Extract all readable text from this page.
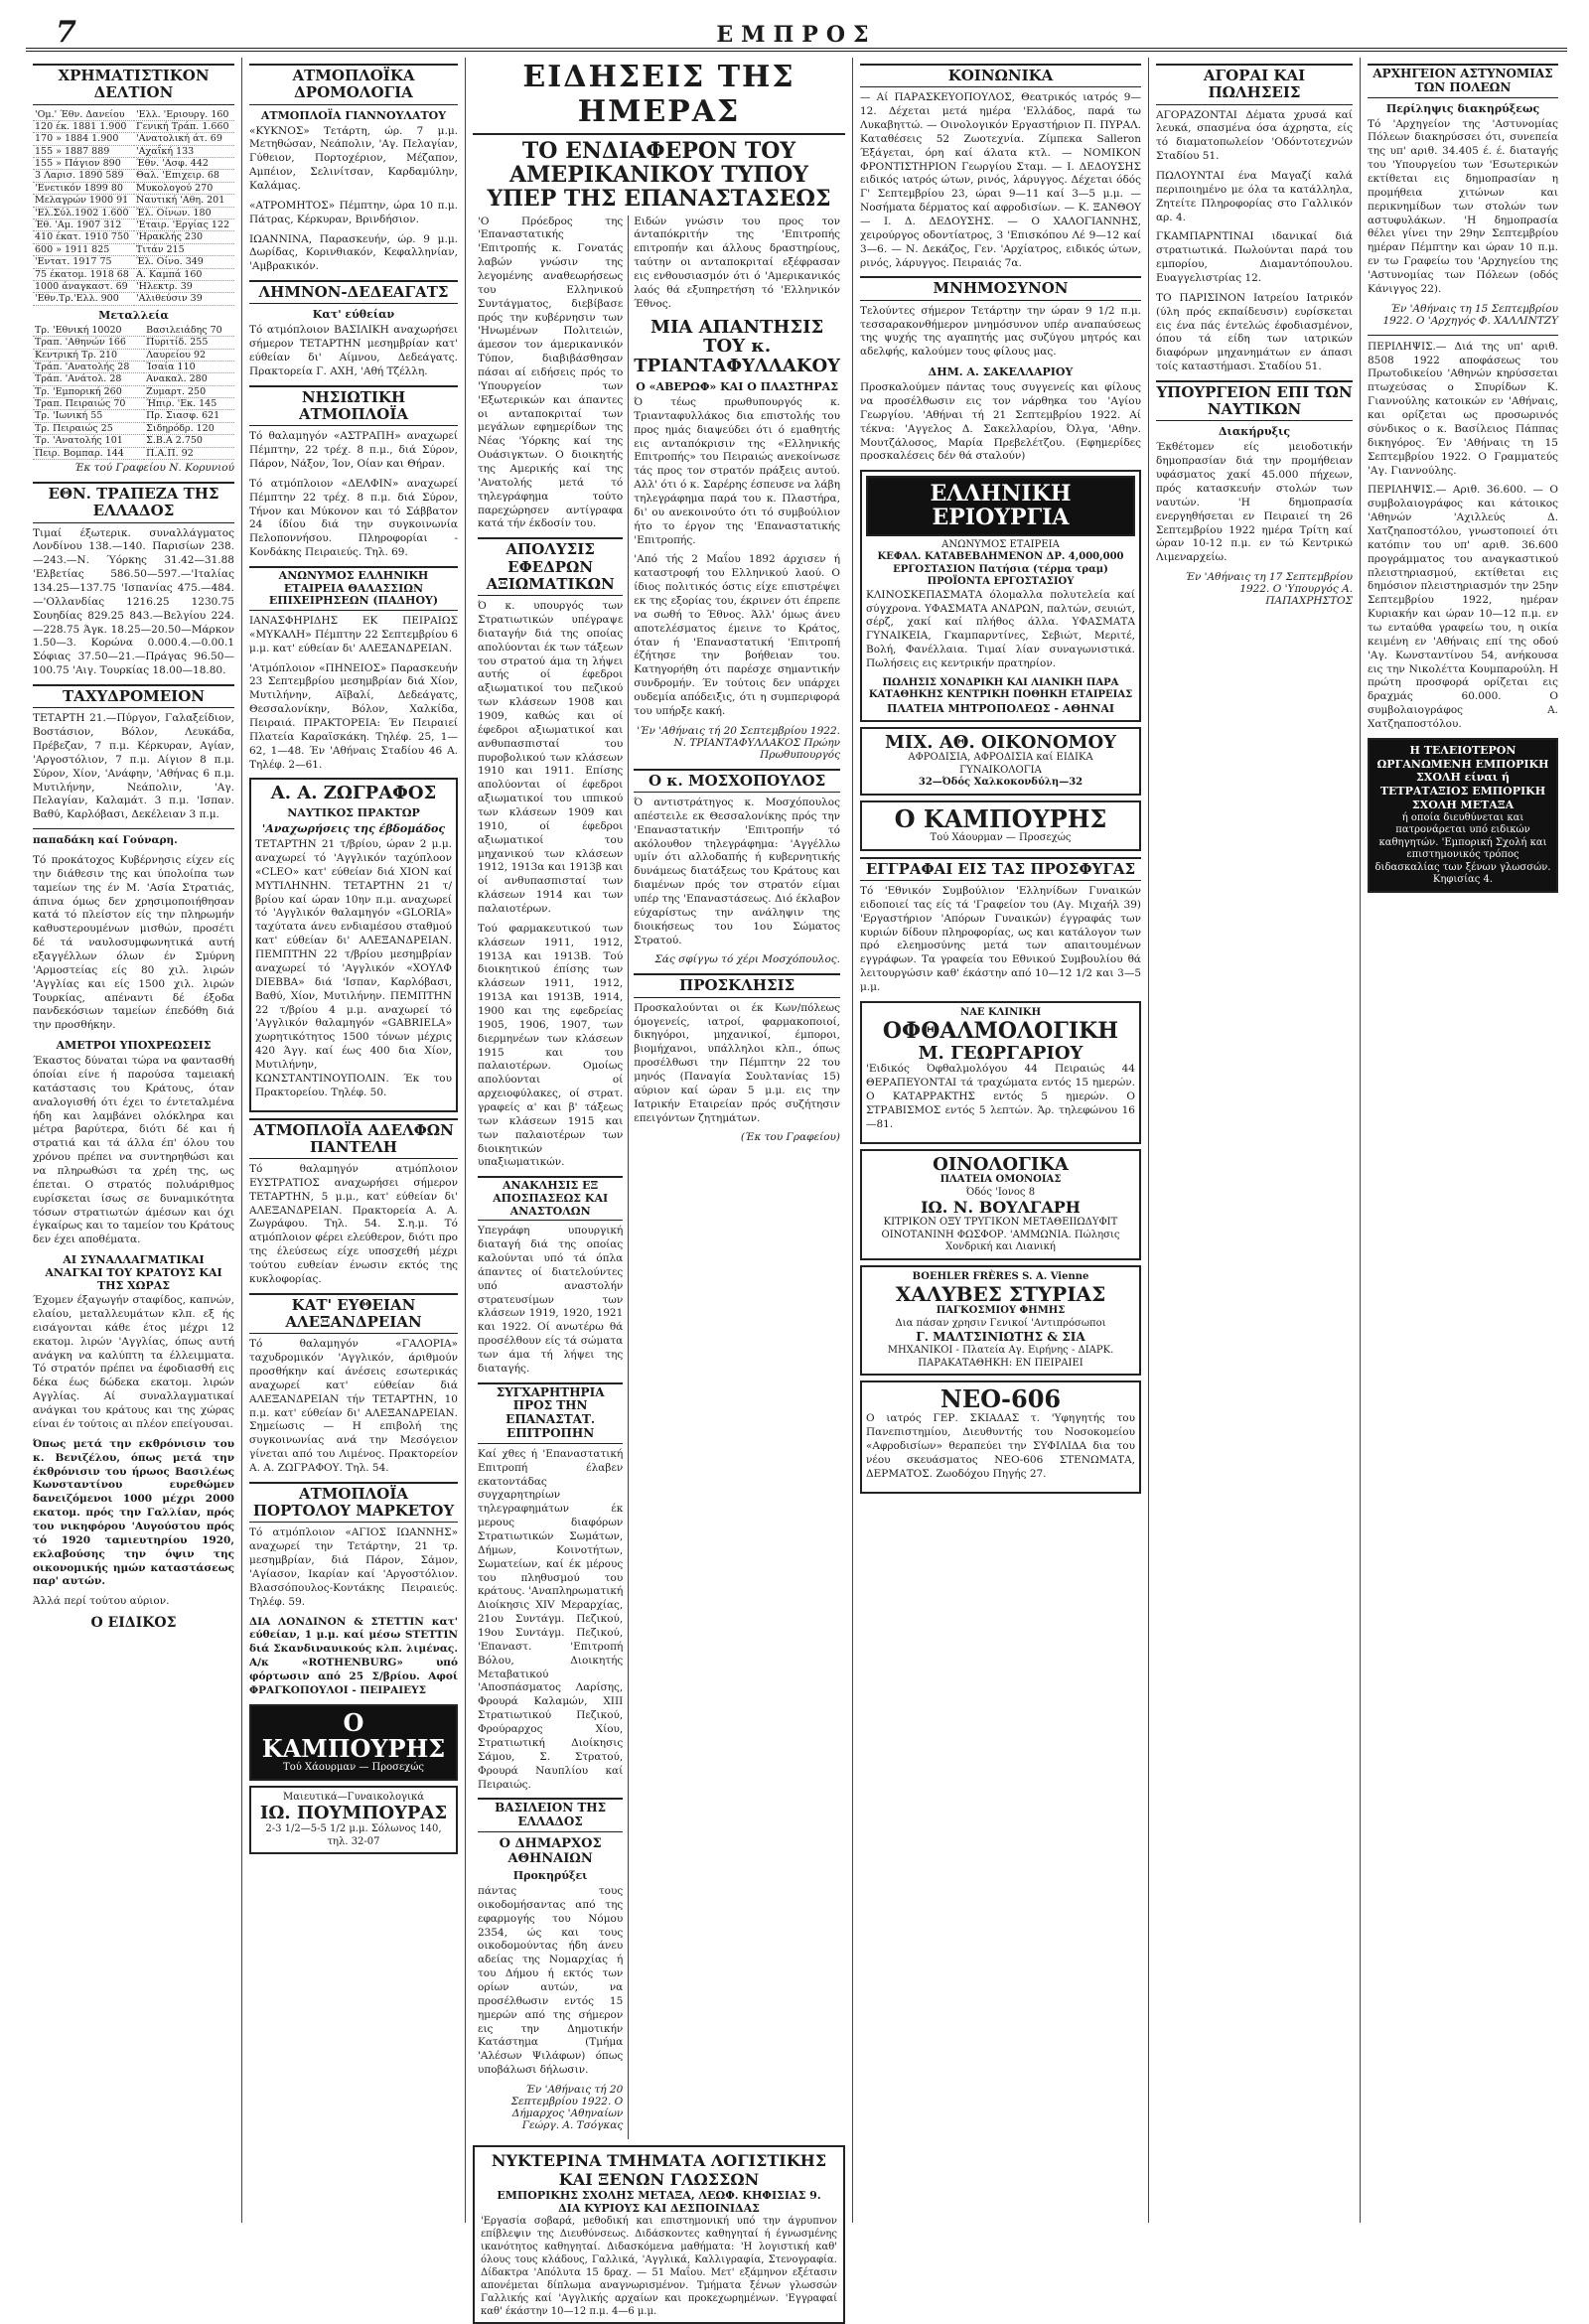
7	ΕΜΠΡΟΣ
ΧΡΗΜΑΤΙΣΤΙΚΟΝ ΔΕΛΤΙΟΝ
'Ομ.' Έθν. Δανείου	'Ελλ. 'Εριουργ. 160
120 έκ. 1881 1.900	Γενική Τράπ. 1.660
170 » 1884 1.900	'Ανατολική άτ. 69
155 » 1887 889	'Αχαΐκή 133
155 » Πάγιον 890	Έθν. 'Ασφ. 442
3 Λαρισ. 1890 589	Θαλ. 'Επιχειρ. 68
'Ενετικόν 1899 80	Μυκολογού 270
Μελαγρών 1900 91	Ναυτική 'Αθη. 201
'Ελ.Σύλ.1902 1.600	Έλ. Οίνων. 180
Έθ. 'Αμ. 1907 312	'Εταιρ. 'Εργίας 122
410 έκατ. 1910 750	'Ηρακλής 230
600 » 1911 825	Τιτάν 215
'Εντατ. 1917 75	Έλ. Οίνο. 349
75 έκατομ. 1918 68	Α. Καμπά 160
1000 άναγκαστ. 69	'Ηλεκτρ. 39
'Εθν.Τρ.'Ελλ. 900	'Αλιθεύσιν 39
Μεταλλεία
Τρ. 'Εθνική 10020	Βασιλειάδης 70
Τραπ. 'Αθηνών 166	Πυριτίδ. 255
Κεντρική Τρ. 210	Λαυρείου 92
Τράπ. 'Ανατολής 28	Ίσαία 110
Τράπ. 'Ανάτολ. 28	Ανακαλ. 280
Τρ. 'Εμπορική 260	Ζυμαρτ. 250
Τραπ. Πειραιώς 70	Ήπιρ. 'Εκ. 145
Τρ. 'Ιωνική 55	Πρ. Σιασφ. 621
Τρ. Πειραιώς 25	Σιδηρόδρ. 120
Τρ. 'Ανατολής 101	Σ.Β.Α 2.750
Πειρ. Βομπαρ. 144	Π.Α.Π. 92
Έκ τού Γραφείου Ν. Κορυνιού
ΕΘΝ. ΤΡΑΠΕΖΑ ΤΗΣ ΕΛΛΑΔΟΣ

Τιμαί έξωτερικ. συναλλάγματος Λονδίνου 138.—140. Παρισίων 238.—243.—Ν. Ύόρκης 31.42—31.88 'Ελβετίας 586.50—597.—'Ιταλίας 134.25—137.75 'Ισπανίας 475.—484.—'Ολλανδίας 1216.25 1230.75 Σουηδίας 829.25 843.—Βελγίου 224.—228.75 Άγκ. 18.25—20.50—Μάρκον 1.50—3. Κορώνα 0.000.4.—0.00.1 Σόφιας 37.50—21.—Πράγας 96.50—100.75 'Αιγ. Τουρκίας 18.00—18.80.

ΤΑΧΥΔΡΟΜΕΙΟΝ

ΤΕΤΑΡΤΗ 21.—Πύργον, Γαλαξείδιον, Βοστάσιον, Βόλον, Λευκάδα, Πρέβεζαν, 7 π.μ. Κέρκυραν, Αγίαν, 'Αργοστόλιον, 7 π.μ. Αίγιον 8 π.μ. Σύρον, Χίον, 'Ανάφην, 'Αθήνας 6 π.μ. Μυτιλήνην, Νεάπολιν, 'Αγ. Πελαγίαν, Καλαμάτ. 3 π.μ. 'Ισπαν. Βαθύ, Καρλόβασι, Δεκέλειαν 3 π.μ.

παπαδάκη καί Γούναρη.

Τό προκάτοχος Κυβέρνησις είχεν είς την διάθεσιν της και ύπολοίπα των ταμείων της έν Μ. 'Ασία Στρατιάς, άπινα όμως δεν χρησιμοποιήθησαν κατά τό πλείστον είς την πληρωμήν καθυστερουμένων μισθών, προσέτι δέ τά ναυλοσυμφωνητικά αυτή εξαγγέλλων όλων έν Σμύρνη 'Αρμοστείας είς 80 χιλ. λιρών 'Αγγλίας και είς 1500 χιλ. λιρών Τουρκίας, απέναντι δέ έξοδα πανδεκόσιων ταμείων έπεδόθη διά την προσθήκην.

ΑΜΕΤΡΟΙ ΥΠΟΧΡΕΩΣΕΙΣ

Έκαστος δύναται τώρα να φαντασθή όποίαι είνε ή παρούσα ταμειακή κατάστασις του Κράτους, όταν αναλογισθή ότι έχει το έντεταλμένα ήδη και λαμβάνει ολόκληρα και μέτρα βαρύτερα, διότι δέ και ή στρατιά και τά άλλα έπ' όλου του χρόνου πρέπει να συντηρηθώσι και να πληρωθώσι τα χρέη της, ως έπεται. Ο στρατός πολυάριθμος ευρίσκεται ίσως σε δυναμικότητα τόσων στρατιωτών άμέσων και όχι έγκαίρως και το ταμείον του Κράτους δεν έχει αποθέματα.

ΑΙ ΣΥΝΑΛΛΑΓΜΑΤΙΚΑΙ ΑΝΑΓΚΑΙ ΤΟΥ ΚΡΑΤΟΥΣ ΚΑΙ ΤΗΣ ΧΩΡΑΣ

Έχομεν έξαγωγήν σταφίδος, καπνών, ελαίου, μεταλλευμάτων κλπ. εξ ής εισάγονται κάθε έτος μέχρι 12 εκατομ. λιρών 'Αγγλίας, όπως αυτή ανάγκη να καλύπτη τα έλλειμματα. Τό στρατόν πρέπει να έφοδιασθή εις δέκα έως δώδεκα εκατομ. λιρών Αγγλίας. Αί συναλλαγματικαί ανάγκαι του κράτους και της χώρας είναι έν τούτοις αι πλέον επείγουσαι.

Όπως μετά την εκθρόνισιν του κ. Βενιζέλου, όπως μετά την έκθρόνισιν του ήρωος Βασιλέως Κωνσταντίνου ευρεθώμεν δανειζόμενοι 1000 μέχρι 2000 εκατομ. πρός την Γαλλίαν, πρός του νικηφόρου 'Αυγούστου πρός τό 1920 ταμιευτηρίου 1920, εκλαβούσης την όψιν της οικονομικής ημών καταστάσεως παρ' αυτών.

Άλλά περί τούτου αύριον.

Ο ΕΙΔΙΚΟΣ
ΑΤΜΟΠΛΟΪΚΑ ΔΡΟΜΟΛΟΓΙΑ
ΑΤΜΟΠΛΟΪΑ ΓΙΑΝΝΟΥΛΑΤΟΥ

«ΚΥΚΝΟΣ» Τετάρτη, ώρ. 7 μ.μ. Μετηθώσαν, Νεάπολιν, 'Αγ. Πελαγίαν, Γύθειον, Πορτοχέριον, Μέζαπον, Αμπέιον, Σελινίτσαν, Καρδαμύλην, Καλάμας.

«ΑΤΡΟΜΗΤΟΣ» Πέμπτην, ώρα 10 π.μ. Πάτρας, Κέρκυραν, Βρινδήσιον.

ΙΩΑΝΝΙΝΑ, Παρασκευήν, ώρ. 9 μ.μ. Δωρίδας, Κορινθιακόν, Κεφαλληνίαν, 'Αμβρακικόν.

ΛΗΜΝΟΝ-ΔΕΔΕΑΓΑΤΣ
Κατ' εύθείαν

Τό ατμόπλοιον ΒΑΣΙΛΙΚΗ αναχωρήσει σήμερον ΤΕΤΑΡΤΗΝ μεσημβρίαν κατ' εύθείαν δι' Αίμνου, Δεδεάγατς. Πρακτορεία Γ. ΑΧΗ, 'Αθή Τζέλλη.

ΝΗΣΙΩΤΙΚΗ ΑΤΜΟΠΛΟΪΑ

Τό θαλαμηγόν «ΑΣΤΡΑΠΗ» αναχωρεί Πέμπτην, 22 τρέχ. 8 π.μ., διά Σύρον, Πάρον, Νάξον, Ίον, Οίαν και Θήραν.

Τό ατμόπλοιον «ΔΕΛΦΙΝ» αναχωρεί Πέμπτην 22 τρέχ. 8 π.μ. διά Σύρον, Τήνον και Μύκονον και τό Σάββατον 24 ίδίου διά την συγκοινωνία Πελοποννήσου. Πληροφορίαι - Κονδάκης Πειραιεύς. Τηλ. 69.

ΑΝΩΝΥΜΟΣ ΕΛΛΗΝΙΚΗ ΕΤΑΙΡΕΙΑ ΘΑΛΑΣΣΙΩΝ ΕΠΙΧΕΙΡΗΣΕΩΝ (ΠΑΔΗΟΥ)

ΙΑΝΑΣΦΗΡΙΔΗΣ ΕΚ ΠΕΙΡΑΙΩΣ «ΜΥΚΑΛΗ» Πέμπτην 22 Σεπτεμβρίου 6 μ.μ. κατ' εύθείαν δι' ΑΛΕΞΑΝΔΡΕΙΑΝ.

'Ατμόπλοιον «ΠΗΝΕΙΟΣ» Παρασκευήν 23 Σεπτεμβρίου μεσημβρίαν διά Χίον, Μυτιλήνην, Αϊβαλί, Δεδεάγατς, Θεσσαλονίκην, Βόλον, Χαλκίδα, Πειραιά. ΠΡΑΚΤΟΡΕΙΑ: Έν Πειραιεί Πλατεία Καραϊσκάκη. Τηλέφ. 25, 1—62, 1—48. Έν 'Αθήναις Σταδίου 46 Α. Τηλέφ. 2—61.

Α. Α. ΖΩΓΡΑΦΟΣ
ΝΑΥΤΙΚΟΣ ΠΡΑΚΤΩΡ
'Αναχωρήσεις της έβδομάδος

ΤΕΤΑΡΤΗΝ 21 τ/βρίου, ώραν 2 μ.μ. αναχωρεί τό 'Αγγλικόν ταχύπλοον «CLEO» κατ' εύθείαν διά ΧΙΟΝ καί ΜΥΤΙΛΗΝΗΝ. ΤΕΤΑΡΤΗΝ 21 τ/βρίου καί ώραν 10ην π.μ. αναχωρεί τό 'Αγγλικόν θαλαμηγόν «GLORIA» ταχύτατα άνευ ενδιαμέσου σταθμού κατ' εύθείαν δι' ΑΛΕΞΑΝΔΡΕΙΑΝ. ΠΕΜΠΤΗΝ 22 τ/βρίου μεσημβρίαν αναχωρεί τό 'Αγγλικόν «ΧΟΥΛΦ DIEBBA» διά 'Ισπαν, Καρλόβασι, Βαθύ, Χίον, Μυτιλήνην. ΠΕΜΠΤΗΝ 22 τ/βρίου 4 μ.μ. αναχωρεί τό 'Αγγλικόν θαλαμηγόν «GABRIELA» χωρητικότητος 1500 τόνων μέχρις 420 Άγγ. καί έως 400 δια Χίον, Μυτιλήνην, ΚΩΝΣΤΑΝΤΙΝΟΥΠΟΛΙΝ. Έκ του Πρακτορείου. Τηλέφ. 50.

ΑΤΜΟΠΛΟΪΑ ΑΔΕΛΦΩΝ ΠΑΝΤΕΛΗ

Τό θαλαμηγόν ατμόπλοιον ΕΥΣΤΡΑΤΙΟΣ αναχωρήσει σήμερον ΤΕΤΑΡΤΗΝ, 5 μ.μ., κατ' εύθείαν δι' ΑΛΕΞΑΝΔΡΕΙΑΝ. Πρακτορεία Α. Α. Ζωγράφου. Τηλ. 54. Σ.η.μ. Τό ατμόπλοιον φέρει ελεύθερον, διότι προ της έλεύσεως είχε υποσχεθή μέχρι τούτου ευθείαν ένωσιν εκτός της κυκλοφορίας.

ΚΑΤ' ΕΥΘΕΙΑΝ ΑΛΕΞΑΝΔΡΕΙΑΝ

Τό θαλαμηγόν «ΓΑΛΟΡΙΑ» ταχυδρομικόν 'Αγγλικόν, άριθμούν προσθήκην καί άνέσεις εσωτερικάς αναχωρεί κατ' εύθείαν διά ΑΛΕΞΑΝΔΡΕΙΑΝ τήν ΤΕΤΑΡΤΗΝ, 10 π.μ. κατ' εύθείαν δι' ΑΛΕΞΑΝΔΡΕΙΑΝ. Σημείωσις — Η επιβολή της συγκοινωνίας ανά την Μεσόγειον γίνεται από του Λιμένος. Πρακτορείον Α. Α. ΖΩΓΡΑΦΟΥ. Τηλ. 54.

ΑΤΜΟΠΛΟΪΑ ΠΟΡΤΟΛΟΥ ΜΑΡΚΕΤΟΥ

Τό ατμόπλοιον «ΑΓΙΟΣ ΙΩΑΝΝΗΣ» αναχωρεί την Τετάρτην, 21 τρ. μεσημβρίαν, διά Πάρον, Σάμον, 'Αγίασον, Ικαρίαν καί 'Αργοστόλιον. Βλασσόπουλος-Κοντάκης Πειραιεύς. Τηλέφ. 59.

ΔΙΑ ΛΟΝΔΙΝΟΝ & ΣΤΕΤΤΙΝ κατ' εύθείαν, 1 μ.μ. καί μέσω STETTIN διά Σκανδιναυικούς κλπ. λιμένας. Α/κ «ROTHENBURG» υπό φόρτωσιν από 25 Σ/βρίου. Αφοί ΦΡΑΓΚΟΠΟΥΛΟΙ - ΠΕΙΡΑΙΕΥΣ

Ο ΚΑΜΠΟΥΡΗΣ
Τού Χάουρμαν — Προσεχώς
Μαιευτικά—Γυναικολογικά
ΙΩ. ΠΟΥΜΠΟΥΡΑΣ
2-3 1/2—5-5 1/2 μ.μ. Σόλωνος 140, τηλ. 32-07
ΕΙΔΗΣΕΙΣ ΤΗΣ ΗΜΕΡΑΣ
ΤΟ ΕΝΔΙΑΦΕΡΟΝ ΤΟΥ ΑΜΕΡΙΚΑΝΙΚΟΥ ΤΥΠΟΥ ΥΠΕΡ ΤΗΣ ΕΠΑΝΑΣΤΑΣΕΩΣ

'Ο Πρόεδρος της 'Επαναστατικής 'Επιτροπής κ. Γονατάς λαβών γνώσιν της λεγομένης αναθεωρήσεως του Ελληνικού Συντάγματος, διεβίβασε πρός την κυβέρνησιν των 'Ηνωμένων Πολιτειών, άμεσον τον άμερικανικόν Τύπον, διαβιβάσθησαν πάσαι αί ειδήσεις πρός το 'Υπουργείον των 'Εξωτερικών και άπαντες οι ανταποκριταί των μεγάλων εφημερίδων της Νέας 'Υόρκης καί της Ουάσιγκτων. Ο διοικητής της Αμερικής καί της 'Ανατολής μετά τό τηλεγράφημα τούτο παρεχώρησεν αντίγραφα κατά τήν έκδοσίν του.

ΑΠΟΛΥΣΙΣ ΕΦΕΔΡΩΝ ΑΞΙΩΜΑΤΙΚΩΝ

Ό κ. υπουργός των Στρατιωτικών υπέγραψε διαταγήν διά της οποίας απολύονται έκ των τάξεων του στρατού άμα τη λήψει αυτής οί έφεδροι αξιωματικοί του πεζικού των κλάσεων 1908 και 1909, καθώς και οί έφεδροι αξιωματικοί και ανθυπασπισταί του πυροβολικού των κλάσεων 1910 και 1911. Επίσης απολύονται οί έφεδροι αξιωματικοί του ιππικού των κλάσεων 1909 και 1910, οί έφεδροι αξιωματικοί του μηχανικού των κλάσεων 1912, 1913α και 1913β και οί ανθυπασπισταί των κλάσεων 1914 και των παλαιοτέρων.

Τού φαρμακευτικού των κλάσεων 1911, 1912, 1913Α και 1913Β. Τού διοικητικού έπίσης των κλάσεων 1911, 1912, 1913Α και 1913Β, 1914, 1900 και της εφεδρείας 1905, 1906, 1907, των διερμηνέων των κλάσεων 1915 και του παλαιοτέρων. Ομοίως απολύονται οί αρχειοφύλακες, οί στρατ. γραφείς α' και β' τάξεως των κλάσεων 1915 και των παλαιοτέρων των διοικητικών υπαξιωματικών.

ΑΝΑΚΛΗΣΙΣ ΕΞ ΑΠΟΣΠΑΣΕΩΣ ΚΑΙ ΑΝΑΣΤΟΛΩΝ

Υπεγράφη υπουργική διαταγή διά της οποίας καλούνται υπό τά όπλα άπαντες οί διατελούντες υπό αναστολήν στρατευσίμων των κλάσεων 1919, 1920, 1921 και 1922. Οί ανωτέρω θά προσέλθουν είς τά σώματα των άμα τή λήψει της διαταγής.

ΣΥΓΧΑΡΗΤΗΡΙΑ ΠΡΟΣ ΤΗΝ ΕΠΑΝΑΣΤΑΤ. ΕΠΙΤΡΟΠΗΝ

Καί χθες ή 'Επαναστατική Επιτροπή έλαβεν εκατοντάδας συγχαρητηρίων τηλεγραφημάτων έκ μερους διαφόρων Στρατιωτικών Σωμάτων, Δήμων, Κοινοτήτων, Σωματείων, καί έκ μέρους του πληθυσμού του κράτους. 'Αναπληρωματική Διοίκησις XIV Μεραρχίας, 21ου Συντάγμ. Πεζικού, 19ου Συντάγμ. Πεζικού, 'Επαναστ. 'Επιτροπή Βόλου, Διοικητής Μεταβατικού 'Αποσπάσματος Λαρίσης, Φρουρά Καλαμών, XIII Στρατιωτικού Πεζικού, Φρούραρχος Χίου, Στρατιωτική Διοίκησις Σάμου, Σ. Στρατού, Φρουρά Ναυπλίου καί Πειραιώς.

ΒΑΣΙΛΕΙΟΝ ΤΗΣ ΕΛΛΑΔΟΣ
Ο ΔΗΜΑΡΧΟΣ ΑΘΗΝΑΙΩΝ
Προκηρύξει

πάντας τους οικοδομήσαντας από της εφαρμογής του Νόμου 2354, ώς και τους οικοδομούντας ήδη άνευ αδείας της Νομαρχίας ή του Δήμου ή εκτός των ορίων αυτών, να προσέλθωσιν εντός 15 ημερών από της σήμερον εις την Δημοτικήν Κατάστημα (Τμήμα 'Αλέσων Ψιλάφων) όπως υποβάλωσι δήλωσιν.

Έν 'Αθήναις τή 20 Σεπτεμβρίου 1922. Ο Δήμαρχος 'Αθηναίων Γεώργ. Α. Τσόγκας

Ειδών γνώσιν του προς τον άνταπόκριτήν της 'Επιτροπής επιτροπήν και άλλους δραστηρίους, ταύτην οι ανταποκριταί εξέφρασαν εις ενθουσιασμόν ότι ό 'Αμερικανικός λαός θά εξυπηρετήση τό 'Ελληνικόν Έθνος.

ΜΙΑ ΑΠΑΝΤΗΣΙΣ ΤΟΥ κ. ΤΡΙΑΝΤΑΦΥΛΛΑΚΟΥ
Ο «ΑΒΕΡΩΦ» ΚΑΙ Ο ΠΛΑΣΤΗΡΑΣ

Ό τέως πρωθυπουργός κ. Τριανταφυλλάκος δια επιστολής του προς ημάς διαψεύδει ότι ό εμαθητής εις ανταπόκρισιν της «Ελληνικής Επιτροπής» του Πειραιώς ανεκοίνωσε τάς προς τον στρατόν πράξεις αυτού. Αλλ' ότι ό κ. Σαρέρης έσπευσε να λάβη τηλεγράφημα παρά του κ. Πλαστήρα, δι' ου ανεκοινούτο ότι τό συμβούλιον ήτο το έργον της 'Επαναστατικής 'Επιτροπής.

'Από τής 2 Μαΐου 1892 άρχισεν ή καταστροφή του Ελληνικού λαού. Ο ίδιος πολιτικός όστις είχε επιστρέψει εκ της εξορίας του, έκρινεν ότι έπρεπε να σωθή το Έθνος. Άλλ' όμως άνευ αποτελέσματος έμεινε το Κράτος, όταν ή 'Επαναστατική 'Επιτροπή έζήτησε την βοήθειαν του. Κατηγορήθη ότι παρέσχε σημαντικήν συνδρομήν. Έν τούτοις δεν υπάρχει ουδεμία απόδειξις, ότι η συμπεριφορά του υπήρξε κακή.

'Έν 'Αθήναις τή 20 Σεπτεμβρίου 1922. Ν. ΤΡΙΑΝΤΑΦΥΛΛΑΚΟΣ Πρώην Πρωθυπουργός
Ο κ. ΜΟΣΧΟΠΟΥΛΟΣ

Ό αντιστράτηγος κ. Μοσχόπουλος απέστειλε εκ Θεσσαλονίκης πρός την 'Επαναστατικήν 'Επιτροπήν τό ακόλουθον τηλεγράφημα: 'Αγγέλλω υμίν ότι αλλοδαπής ή κυβερνητικής δυνάμεως διατάξεως του Κράτους και διαμένων πρός τον στρατόν είμαι υπέρ της 'Επαναστάσεως. Διό έκλαβον εύχαρίστως την ανάληψιν της διοικήσεως του 1ου Σώματος Στρατού.

Σάς σφίγγω τό χέρι Μοσχόπουλος.
ΠΡΟΣΚΛΗΣΙΣ

Προσκαλούνται οι έκ Κων/πόλεως όμογενείς, ιατροί, φαρμακοποιοί, δικηγόροι, μηχανικοί, έμποροι, βιομήχανοι, υπάλληλοι κλπ., όπως προσέλθωσι την Πέμπτην 22 του μηνός (Παναγία Σουλτανίας 15) αύριον καί ώραν 5 μ.μ. εις την Ιατρικήν Εταιρείαν πρός συζήτησιν επειγόντων ζητημάτων.

(Έκ του Γραφείου)
ΝΥΚΤΕΡΙΝΑ ΤΜΗΜΑΤΑ ΛΟΓΙΣΤΙΚΗΣ ΚΑΙ ΞΕΝΩΝ ΓΛΩΣΣΩΝ
ΕΜΠΟΡΙΚΗΣ ΣΧΟΛΗΣ ΜΕΤΑΞΑ, ΛΕΩΦ. ΚΗΦΙΣΙΑΣ 9.
ΔΙΑ ΚΥΡΙΟΥΣ ΚΑΙ ΔΕΣΠΟΙΝΙΔΑΣ
'Εργασία σοβαρά, μεθοδική και επιστημονική υπό την άγρυπνον επίβλεψιν της Διευθύνσεως. Διδάσκοντες καθηγηταί ή έγνωσμένης ικανότητος καθηγηταί. Διδασκόμενα μαθήματα: 'Η λογιστική καθ' όλους τους κλάδους, Γαλλικά, 'Αγγλικά, Καλλιγραφία, Στενογραφία. Δίδακτρα 'Απόλυτα 15 δραχ. — 51 Μαΐου. Μετ' εξάμηνον εξέτασιν απονέμεται δίπλωμα αναγνωρισμένον. Τμήματα ξένων γλωσσών Γαλλικής καί 'Αγγλικής αρχαίων και προκεχωρημένων. 'Εγγραφαί καθ' έκάστην 10—12 π.μ. 4—6 μ.μ.
ΚΟΙΝΩΝΙΚΑ

— Αί ΠΑΡΑΣΚΕΥΟΠΟΥΛΟΣ, Θεατρικός ιατρός 9—12. Δέχεται μετά ημέρα 'Ελλάδος, παρά τω Λυκαβηττώ. — Οινολογικόν Εργαστήριον Π. ΠΥΡΑΛ. Καταθέσεις 52 Ζωοτεχνία. Ζίμπεκα Salleron Έξάγεται, όρη καί άλατα κτλ. — ΝΟΜΙΚΟΝ ΦΡΟΝΤΙΣΤΗΡΙΟΝ Γεωργίου Σταμ. — Ι. ΔΕΔΟΥΣΗΣ ειδικός ιατρός ώτων, ρινός, λάρυγγος. Δέχεται όδός Γ' Σεπτεμβρίου 23, ώραι 9—11 καί 3—5 μ.μ. — Νοσήματα δέρματος καί αφροδισίων. — Κ. ΞΑΝΘΟΥ — Ι. Δ. ΔΕΔΟΥΣΗΣ. — Ο ΧΑΛΟΓΙΑΝΝΗΣ, χειρούργος οδοντίατρος, 3 'Επισκόπου Λέ 9—12 καί 3—6. — Ν. Δεκάζος, Γεν. 'Αρχίατρος, ειδικός ώτων, ρινός, λάρυγγος. Πειραιάς 7α.

ΜΝΗΜΟΣΥΝΟΝ

Τελούντες σήμερον Τετάρτην την ώραν 9 1/2 π.μ. τεσσαρακονθήμερον μνημόσυνον υπέρ αναπαύσεως της ψυχής της αγαπητής μας συζύγου μητρός και αδελφής, καλούμεν τους φίλους μας.

ΔΗΜ. Α. ΣΑΚΕΛΛΑΡΙΟΥ

Προσκαλούμεν πάντας τους συγγενείς και φίλους να προσέλθωσιν εις τον νάρθηκα του 'Αγίου Γεωργίου. 'Αθήναι τή 21 Σεπτεμβρίου 1922. Αί τέκνα: 'Αγγελος Δ. Σακελλαρίου, Όλγα, 'Αθην. Μουτζάλοσος, Μαρία Πρεβελέτζου. (Εφημερίδες προσκαλέσεις δέν θά σταλούν)

ΕΛΛΗΝΙΚΗ ΕΡΙΟΥΡΓΙΑ
ΑΝΩΝΥΜΟΣ ΕΤΑΙΡΕΙΑ
ΚΕΦΑΛ. ΚΑΤΑΒΕΒΛΗΜΕΝΟΝ ΔΡ. 4,000,000
ΕΡΓΟΣΤΑΣΙΟΝ Πατήσια (τέρμα τραμ)
ΠΡΟΪΟΝΤΑ ΕΡΓΟΣΤΑΣΙΟΥ

ΚΛΙΝΟΣΚΕΠΑΣΜΑΤΑ όλομαλλα πολυτελεία καί σύγχρονα. ΥΦΑΣΜΑΤΑ ΑΝΔΡΩΝ, παλτών, σευιώτ, σέρζ, χακί καί πλήθος άλλα. ΥΦΑΣΜΑΤΑ ΓΥΝΑΙΚΕΙΑ, Γκαμπαρντίνες, Σεβιώτ, Μεριτέ, Βολή, Φανέλλαια. Τιμαί λίαν συναγωνιστικά. Πωλήσεις εις κεντρικήν πρατηρίον.

ΠΩΛΗΣΙΣ ΧΟΝΔΡΙΚΗ ΚΑΙ ΛΙΑΝΙΚΗ ΠΑΡΑ ΚΑΤΑΘΗΚΗΣ ΚΕΝΤΡΙΚΗ ΠΟΘΗΚΗ ΕΤΑΙΡΕΙΑΣ
ΠΛΑΤΕΙΑ ΜΗΤΡΟΠΟΛΕΩΣ - ΑΘΗΝΑΙ
ΜΙΧ. ΑΘ. ΟΙΚΟΝΟΜΟΥ
ΑΦΡΟΔΙΣΙΑ, ΑΦΡΟΔΙΣΙΑ καί ΕΙΔΙΚΑ ΓΥΝΑΙΚΟΛΟΓΙΑ
32—Όδός Χαλκοκονδύλη—32
Ο ΚΑΜΠΟΥΡΗΣ
Τού Χάουρμαν — Προσεχώς
ΕΓΓΡΑΦΑΙ ΕΙΣ ΤΑΣ ΠΡΟΣΦΥΓΑΣ

Τό 'Εθνικόν Συμβούλιον 'Ελληνίδων Γυναικών ειδοποιεί τας είς τά 'Γραφείον του (Αγ. Μιχαήλ 39) 'Εργαστήριον 'Απόρων Γυναικών) έγγραφάς των κυριών δίδουν πληροφορίας, ως και κατάλογον των πρό ελεημοσύνης μετά των απαιτουμένων εγγράφων. Τα γραφεία του Εθνικού Συμβουλίου θά λειτουργώσιν καθ' έκάστην από 10—12 1/2 και 3—5 μ.μ.

ΝΑΕ ΚΛΙΝΙΚΗ
ΟΦΘΑΛΜΟΛΟΓΙΚΗ
Μ. ΓΕΩΡΓΑΡΙΟΥ

'Ειδικός Όφθαλμολόγου 44 Πειραιώς 44 ΘΕΡΑΠΕΥΟΝΤΑΙ τά τραχώματα εντός 15 ημερών. Ο ΚΑΤΑΡΡΑΚΤΗΣ εντός 5 ημερών. Ο ΣΤΡΑΒΙΣΜΟΣ εντός 5 λεπτών. Άρ. τηλεφώνου 16—81.

ΟΙΝΟΛΟΓΙΚΑ
ΠΛΑΤΕΙΑ ΟΜΟΝΟΙΑΣ
Όδός 'Ιονος 8
ΙΩ. Ν. ΒΟΥΛΓΑΡΗ
ΚΙΤΡΙΚΟΝ ΟΞΥ ΤΡΥΓΙΚΟΝ ΜΕΤΑΘΕΙΙΩΔΥΦΙΤ ΟΙΝΟΤΑΝΙΝΗ ΦΩΣΦΟΡ. 'ΑΜΜΩΝΙΑ. Πώλησις Χονδρική και Λιανική
BOEHLER FRÈRES S. A. Vienne
ΧΑΛΥΒΕΣ ΣΤΥΡΙΑΣ
ΠΑΓΚΟΣΜΙΟΥ ΦΗΜΗΣ
Δια πάσαν χρησιν Γενικοί 'Αντιπρόσωποι
Γ. ΜΑΛΤΣΙΝΙΩΤΗΣ & ΣΙΑ
ΜΗΧΑΝΙΚΟΙ - Πλατεία Αγ. Ειρήνης - ΔΙΑΡΚ. ΠΑΡΑΚΑΤΑΘΗΚΗ: ΕΝ ΠΕΙΡΑΙΕΙ
ΝΕΟ-606

Ο ιατρός ΓΕΡ. ΣΚΙΑΔΑΣ τ. 'Υφηγητής του Πανεπιστημίου, Διευθυντής του Νοσοκομείου «Αφροδισίων» θεραπεύει την ΣΥΦΙΛΙΔΑ δια του νέου σκευάσματος ΝΕΟ-606 ΣΤΕΝΩΜΑΤΑ, ΔΕΡΜΑΤΟΣ. Ζωοδόχου Πηγής 27.

ΑΓΟΡΑΙ ΚΑΙ ΠΩΛΗΣΕΙΣ

ΑΓΟΡΑΖΟΝΤΑΙ Δέματα χρυσά καί λευκά, σπασμένα όσα άχρηστα, είς τό διαματοπωλείον 'Οδόντοτεχνών Σταδίου 51.

ΠΩΛΟΥΝΤΑΙ ένα Μαγαζί καλά περιποιημένο με όλα τα κατάλληλα, Ζητείτε Πληροφορίας στο Γαλλικόν αρ. 4.

ΓΚΑΜΠΑΡΝΤΙΝΑΙ ιδανικαί διά στρατιωτικά. Πωλούνται παρά του εμπορίου, Διαμαντόπουλου. Ευαγγελιστρίας 12.

ΤΟ ΠΑΡΙΣΙΝΟΝ Ιατρείου Ιατρικόν (ύλη πρός εκπαίδευσιν) ευρίσκεται εις ένα πάς έντελώς έφοδιασμένον, όπου τά είδη των ιατρικών διαφόρων μηχανημάτων εν άπασι τοίς καταστήμασι. Σταδίου 51.

ΥΠΟΥΡΓΕΙΟΝ ΕΠΙ ΤΩΝ ΝΑΥΤΙΚΩΝ
Διακήρυξις

Έκθέτομεν είς μειοδοτικήν δημοπρασίαν διά την προμήθειαν υφάσματος χακί 45.000 πήχεων, πρός κατασκευήν στολών των ναυτών. 'Η δημοπρασία ενεργηθήσεται εν Πειραιεί τη 26 Σεπτεμβρίου 1922 ημέρα Τρίτη καί ώραν 10-12 π.μ. εν τώ Κεντρικώ Λιμεναρχείω.

Έν 'Αθήναις τη 17 Σεπτεμβρίου 1922. Ο 'Υπουργός Α. ΠΑΠΑΧΡΗΣΤΟΣ
ΑΡΧΗΓΕΙΟΝ ΑΣΤΥΝΟΜΙΑΣ ΤΩΝ ΠΟΛΕΩΝ
Περίληψις διακηρύξεως

Τό 'Αρχηγείον της 'Αστυνομίας Πόλεων διακηρύσσει ότι, συνεπεία της υπ' αριθ. 34.405 έ. έ. διαταγής του 'Υπουργείου των 'Εσωτερικών εκτίθεται εις δημοπρασίαν η προμήθεια χιτώνων και περικνημίδων των στολών των αστυφυλάκων. 'Η δημοπρασία θέλει γίνει την 29ην Σεπτεμβρίου ημέραν Πέμπτην και ώραν 10 π.μ. εν τω Γραφείω του 'Αρχηγείου της 'Αστυνομίας των Πόλεων (οδός Κάνιγγος 22).

Έν 'Αθήναις τη 15 Σεπτεμβρίου 1922. Ο 'Αρχηγός Φ. ΧΑΛΛΙΝΤΖΥ

ΠΕΡΙΛΗΨΙΣ.— Διά της υπ' αριθ. 8508 1922 αποφάσεως του Πρωτοδικείου 'Αθηνών κηρύσσεται πτωχεύσας ο Σπυρίδων Κ. Γιαννούλης κατοικών εν 'Αθήναις, και ορίζεται ως προσωρινός σύνδικος ο κ. Βασίλειος Πάππας δικηγόρος. Έν 'Αθήναις τη 15 Σεπτεμβρίου 1922. Ο Γραμματεύς 'Αγ. Γιαννούλης.

ΠΕΡΙΛΗΨΙΣ.— Αριθ. 36.600. — Ο συμβολαιογράφος και κάτοικος 'Αθηνών 'Αχιλλεύς Δ. Χατζηαποστόλου, γνωστοποιεί ότι κατόπιν του υπ' αριθ. 36.600 προγράμματος του αναγκαστικού πλειστηριασμού, εκτίθεται εις δημόσιον πλειστηριασμόν την 25ην Σεπτεμβρίου 1922, ημέραν Κυριακήν και ώραν 10—12 π.μ. εν τω ενταύθα γραφείω του, η οικία κειμένη εν 'Αθήναις επί της οδού 'Αγ. Κωνσταντίνου 54, ανήκουσα εις την Νικολέττα Κουμπαρούλη. Η πρώτη προσφορά ορίζεται εις δραχμάς 60.000. Ο συμβολαιογράφος Α. Χατζηαποστόλου.

Η ΤΕΛΕΙΟΤΕΡΟΝ ΩΡΓΑΝΩΜΕΝΗ ΕΜΠΟΡΙΚΗ ΣΧΟΛΗ είναι ή ΤΕΤΡΑΤΑΞΙΟΣ ΕΜΠΟΡΙΚΗ ΣΧΟΛΗ ΜΕΤΑΞΑ
ή οποία διευθύνεται και πατρονάρεται υπό ειδικών καθηγητών. 'Εμπορική Σχολή και επιστημονικός τρόπος διδασκαλίας των ξένων γλωσσών. Κηφισίας 4.
